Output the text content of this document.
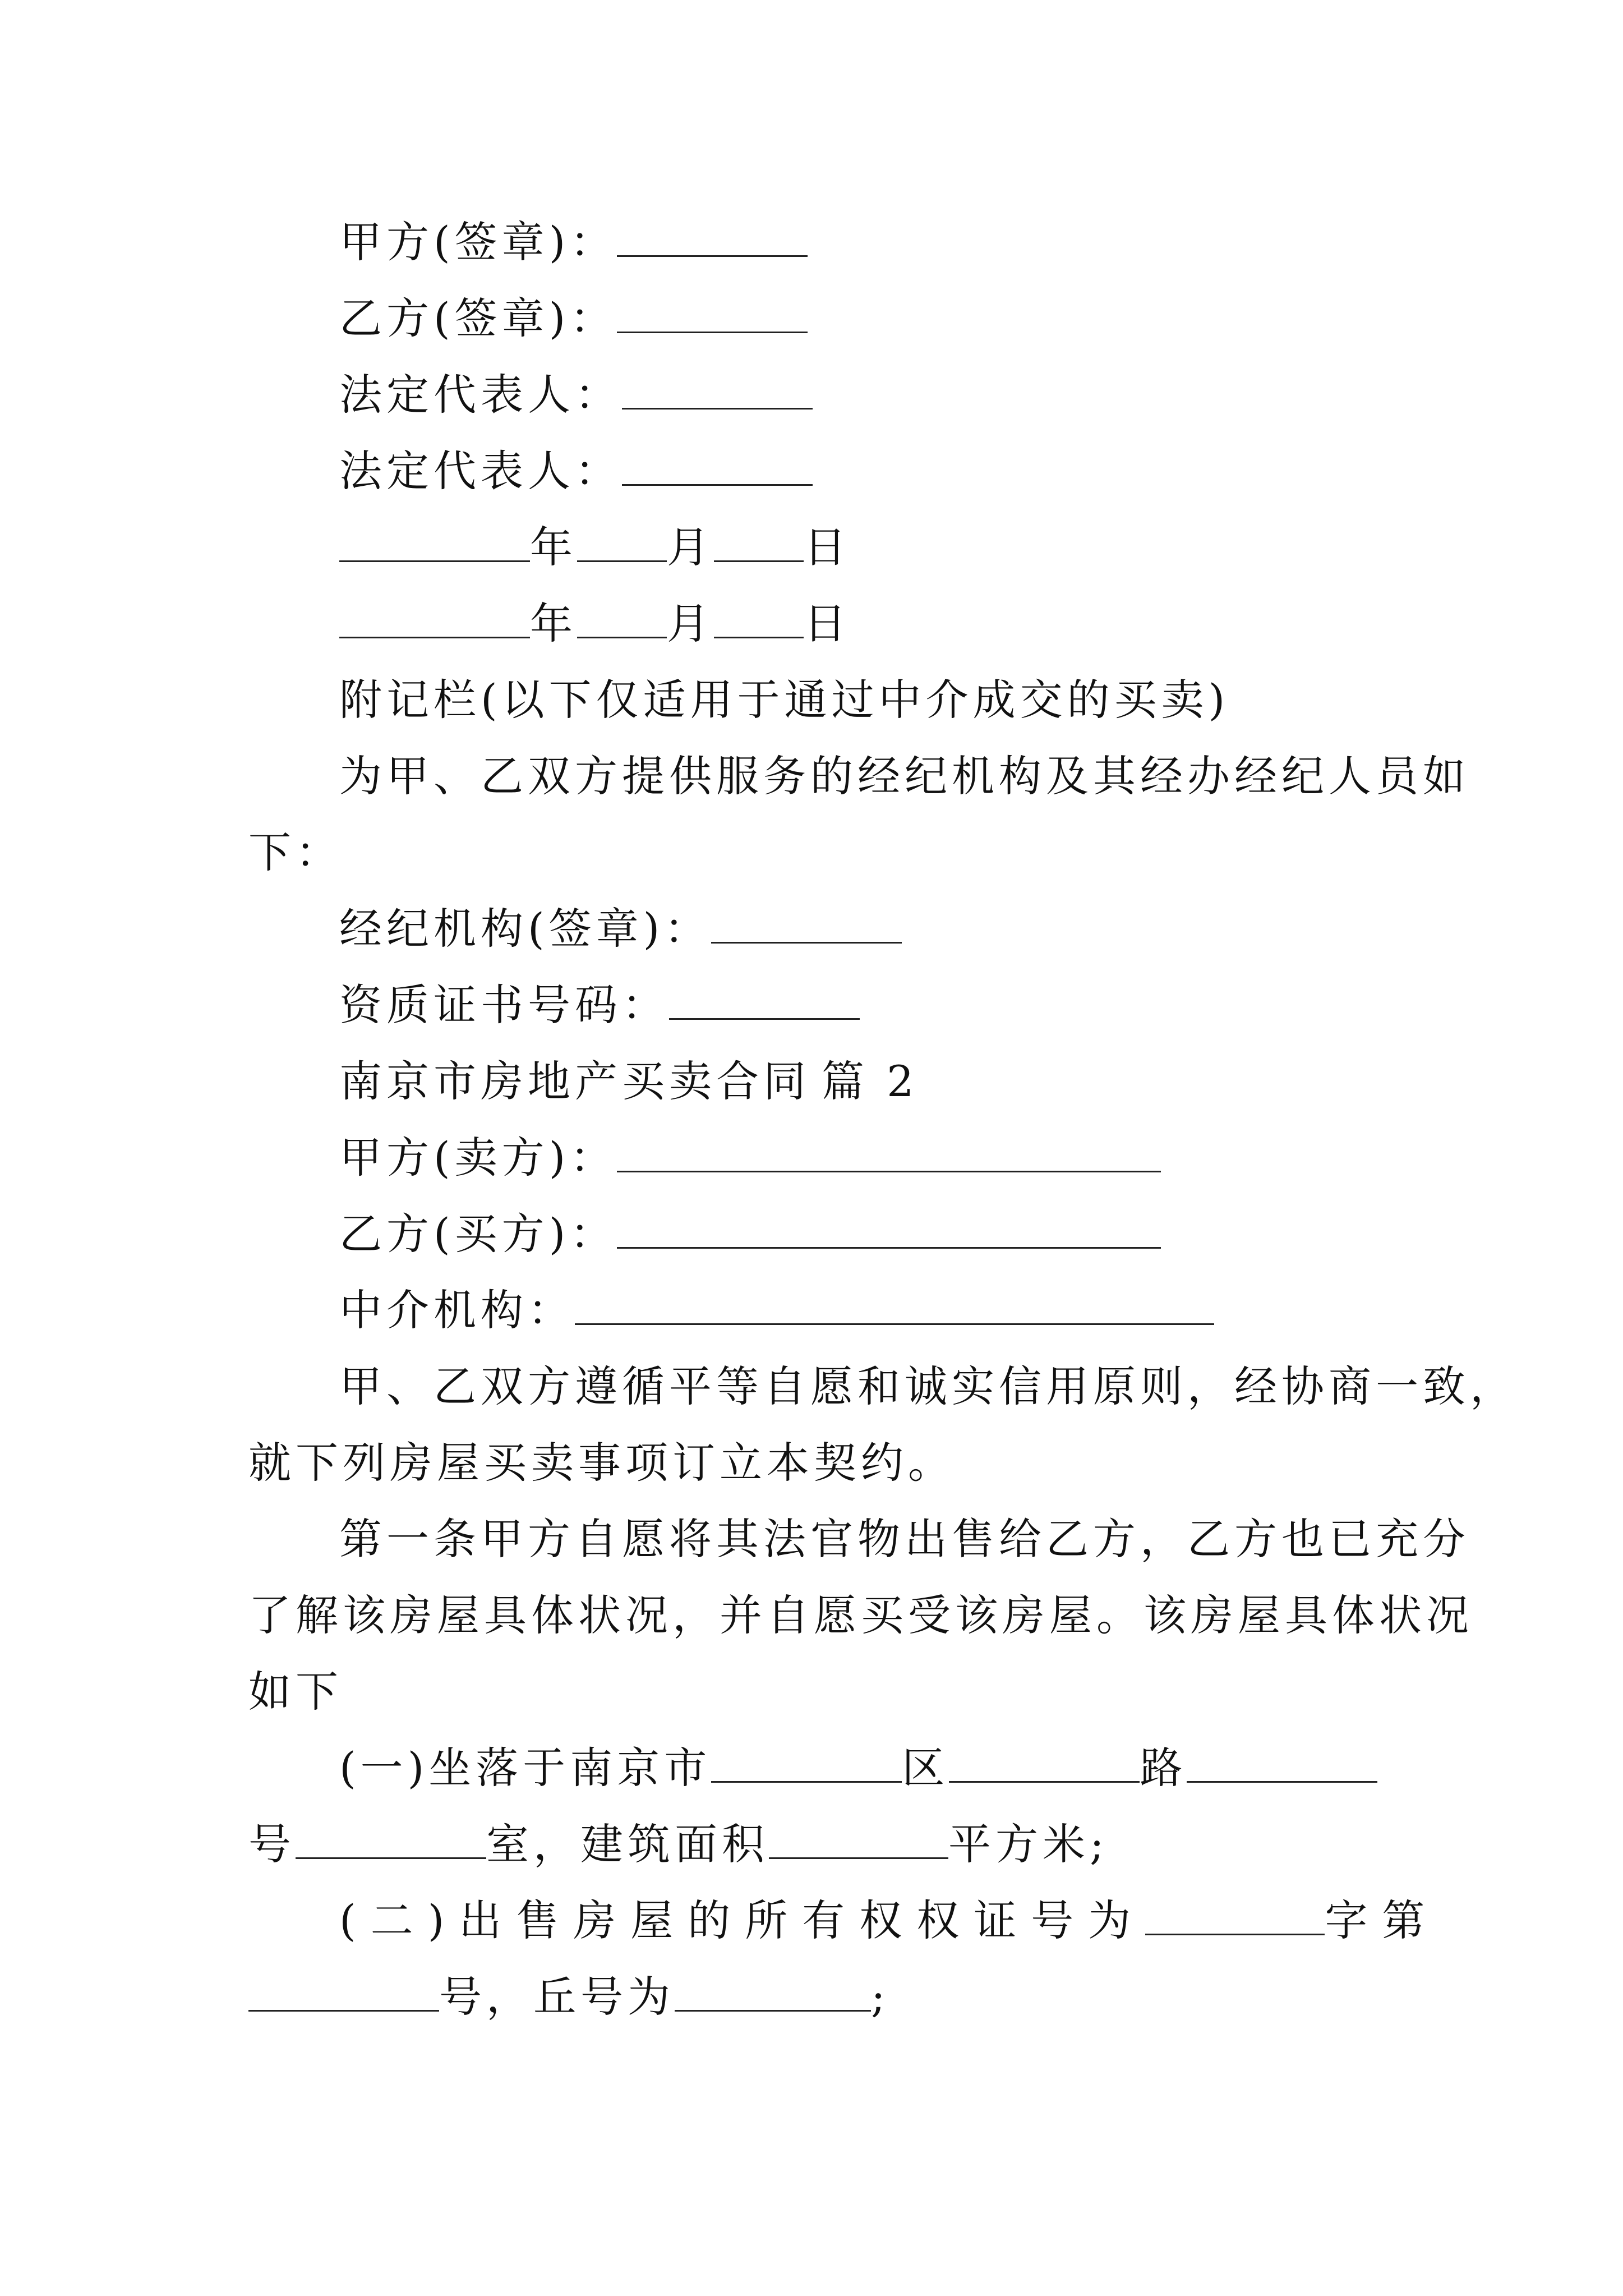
甲方(签章)：
乙方(签章)：
法定代表人：
法定代表人：
年 月 日
年 月 日
附记栏(以下仅适用于通过中介成交的买卖)
为甲、乙双方提供服务的经纪机构及其经办经纪人员如
下：
经纪机构(签章)：
资质证书号码：
南京市房地产买卖合同 篇 2
甲方(卖方)：
乙方(买方)：
中介机构：
甲、乙双方遵循平等自愿和诚实信用原则，经协商一致，
就下列房屋买卖事项订立本契约。
第一条甲方自愿将其法官物出售给乙方，乙方也已充分
了解该房屋具体状况，并自愿买受该房屋。该房屋具体状况
如下
(一)坐落于南京市	区	路
号	室，建筑面积	平方米;
(二)出售房屋的所有权权证号为	字第
号，丘号为	;
